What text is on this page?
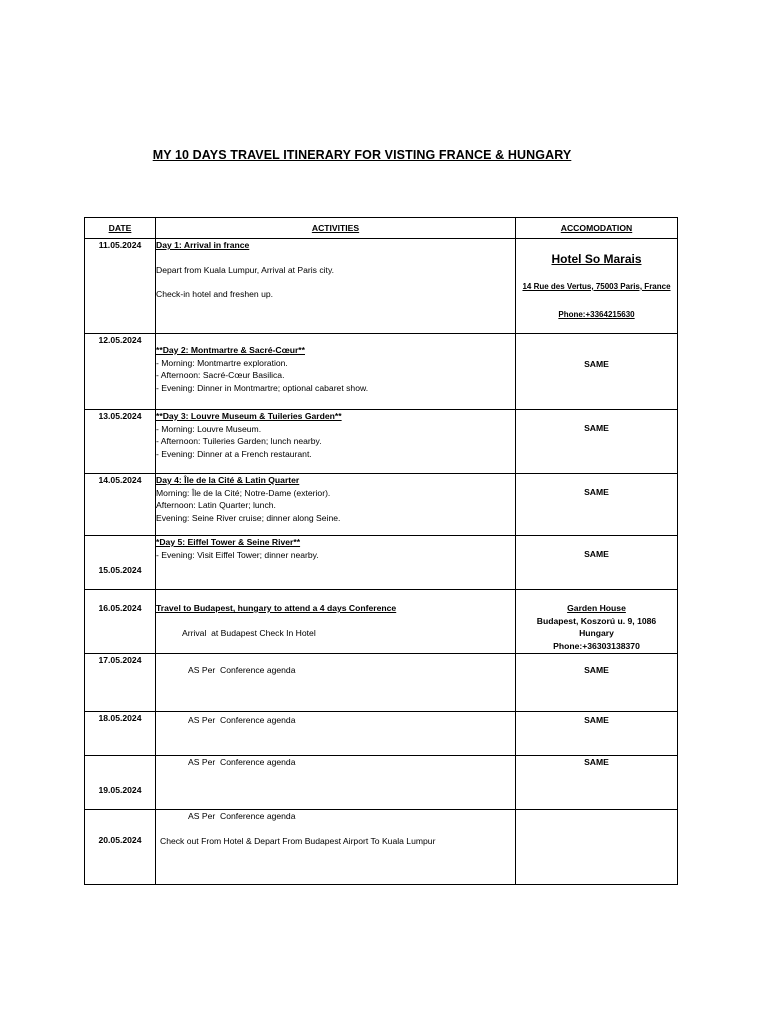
MY 10 DAYS TRAVEL ITINERARY FOR VISTING FRANCE & HUNGARY
DATE	ACTIVITIES	ACCOMODATION
11.05.2024	Day 1: Arrival in france
Depart from Kuala Lumpur, Arrival at Paris city.
Check-in hotel and freshen up.	Hotel So Marais
14 Rue des Vertus, 75003 Paris, France
Phone:+3364215630

12.05.2024	**Day 2: Montmartre & Sacré-Cœur**
- Morning: Montmartre exploration.
- Afternoon: Sacré-Cœur Basilica.
- Evening: Dinner in Montmartre; optional cabaret show.	SAME
13.05.2024	**Day 3: Louvre Museum & Tuileries Garden**
- Morning: Louvre Museum.
- Afternoon: Tuileries Garden; lunch nearby.
- Evening: Dinner at a French restaurant.	SAME
14.05.2024	Day 4: Île de la Cité & Latin Quarter
Morning: Île de la Cité; Notre-Dame (exterior).
Afternoon: Latin Quarter; lunch.
Evening: Seine River cruise; dinner along Seine.	SAME
15.05.2024	*Day 5: Eiffel Tower & Seine River**
- Evening: Visit Eiffel Tower; dinner nearby.	SAME
16.05.2024	Travel to Budapest, hungary to attend a 4 days Conference
Arrival  at Budapest Check In Hotel	Garden House
Budapest, Koszorú u. 9, 1086
Hungary
Phone:+36303138370

17.05.2024	AS Per  Conference agenda	SAME
18.05.2024	AS Per  Conference agenda	SAME
19.05.2024	AS Per  Conference agenda	SAME
20.05.2024	AS Per  Conference agenda
Check out From Hotel & Depart From Budapest Airport To Kuala Lumpur	
